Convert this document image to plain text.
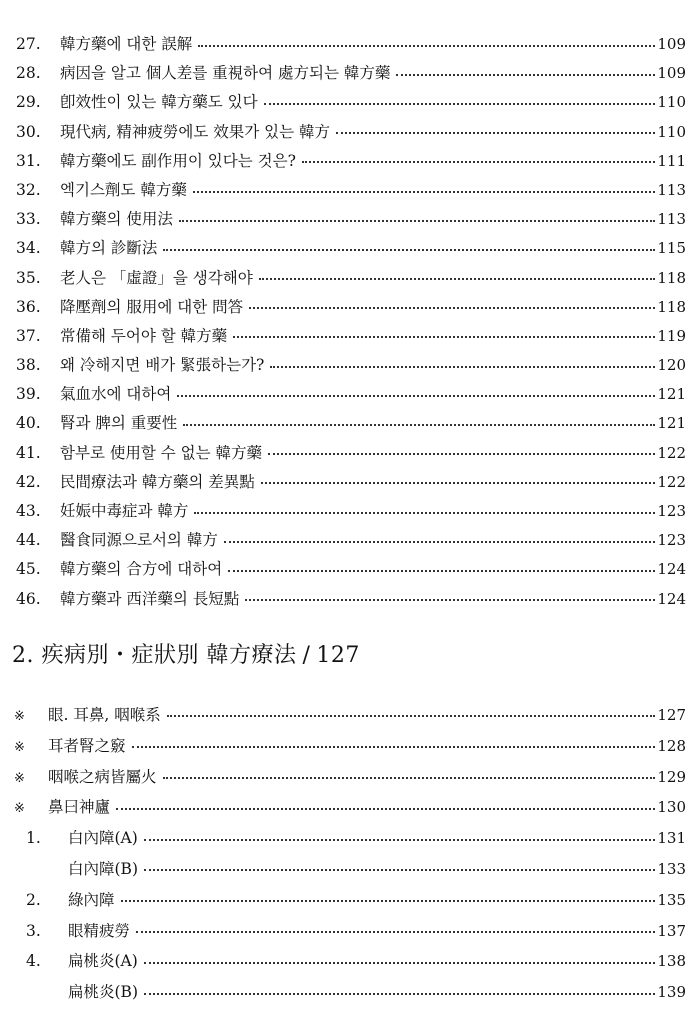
27.	韓方藥에 대한 誤解	109
28.	病因을 알고 個人差를 重視하여 處方되는 韓方藥	109
29.	卽效性이 있는 韓方藥도 있다	110
30.	現代病, 精神疲勞에도 效果가 있는 韓方	110
31.	韓方藥에도 副作用이 있다는 것은?	111
32.	엑기스劑도 韓方藥	113
33.	韓方藥의 使用法	113
34.	韓方의 診斷法	115
35.	老人은 「虛證」을 생각해야	118
36.	降壓劑의 服用에 대한 問答	118
37.	常備해 두어야 할 韓方藥	119
38.	왜 冷해지면 배가 緊張하는가?	120
39.	氣血水에 대하여	121
40.	腎과 脾의 重要性	121
41.	함부로 使用할 수 없는 韓方藥	122
42.	民間療法과 韓方藥의 差異點	122
43.	妊娠中毒症과 韓方	123
44.	醫食同源으로서의 韓方	123
45.	韓方藥의 合方에 대하여	124
46.	韓方藥과 西洋藥의 長短點	124
2. 疾病別・症狀別 韓方療法 / 127
※	眼. 耳鼻, 咽喉系	127
※	耳者腎之竅	128
※	咽喉之病皆屬火	129
※	鼻曰神廬	130
1.	白內障(A)	131
白內障(B)	133
2.	綠內障	135
3.	眼精疲勞	137
4.	扁桃炎(A)	138
扁桃炎(B)	139
